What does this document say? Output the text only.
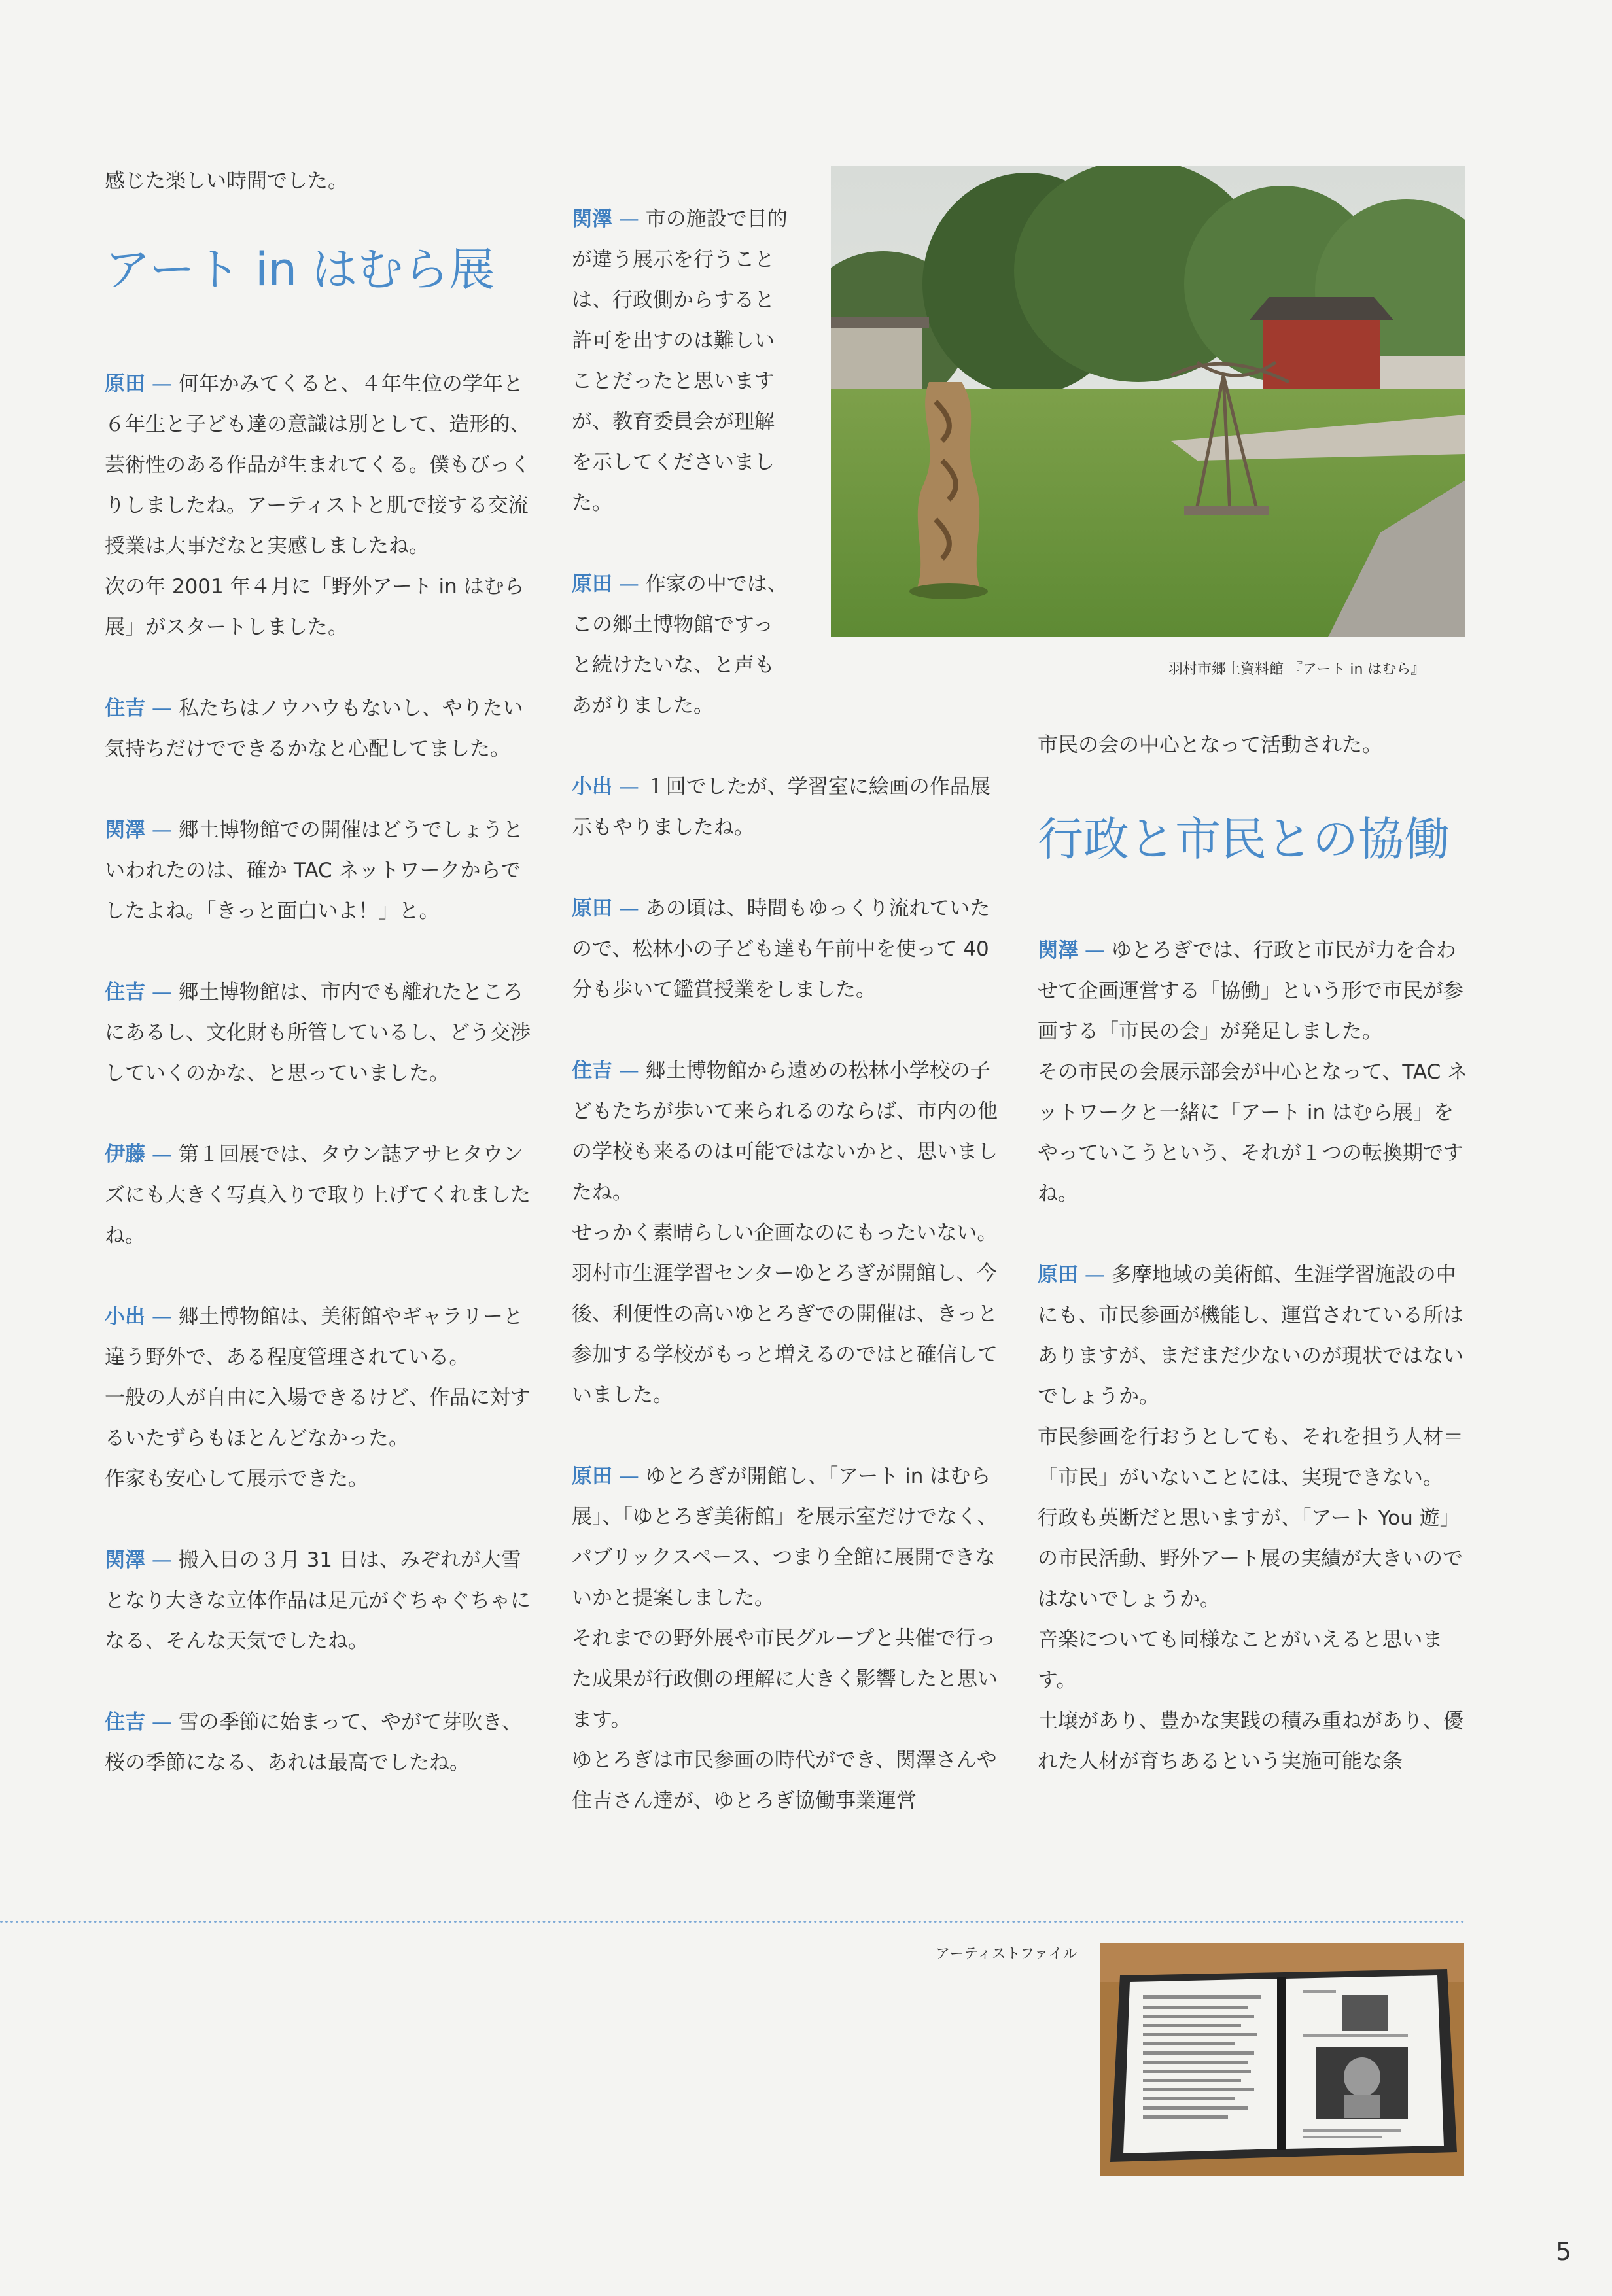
感じた楽しい時間でした。

アート in はむら展

原田 — 何年かみてくると、４年生位の学年と６年生と子ども達の意識は別として、造形的、芸術性のある作品が生まれてくる。僕もびっくりしましたね。アーティストと肌で接する交流授業は大事だなと実感しましたね。

次の年 2001 年４月に「野外アート in はむら展」がスタートしました。

住吉 — 私たちはノウハウもないし、やりたい気持ちだけでできるかなと心配してました。

関澤 — 郷土博物館での開催はどうでしょうといわれたのは、確か TAC ネットワークからでしたよね。「きっと面白いよ！」と。

住吉 — 郷土博物館は、市内でも離れたところにあるし、文化財も所管しているし、どう交渉していくのかな、と思っていました。

伊藤 — 第１回展では、タウン誌アサヒタウンズにも大きく写真入りで取り上げてくれましたね。

小出 — 郷土博物館は、美術館やギャラリーと違う野外で、ある程度管理されている。

一般の人が自由に入場できるけど、作品に対するいたずらもほとんどなかった。

作家も安心して展示できた。

関澤 — 搬入日の３月 31 日は、みぞれが大雪となり大きな立体作品は足元がぐちゃぐちゃになる、そんな天気でしたね。

住吉 — 雪の季節に始まって、やがて芽吹き、桜の季節になる、あれは最高でしたね。

関澤 — 市の施設で目的が違う展示を行うことは、行政側からすると許可を出すのは難しいことだったと思いますが、教育委員会が理解を示してくださいました。

原田 — 作家の中では、この郷土博物館ですっと続けたいな、と声もあがりました。

小出 — １回でしたが、学習室に絵画の作品展示もやりましたね。

原田 — あの頃は、時間もゆっくり流れていたので、松林小の子ども達も午前中を使って 40 分も歩いて鑑賞授業をしました。

住吉 — 郷土博物館から遠めの松林小学校の子どもたちが歩いて来られるのならば、市内の他の学校も来るのは可能ではないかと、思いましたね。

せっかく素晴らしい企画なのにもったいない。

羽村市生涯学習センターゆとろぎが開館し、今後、利便性の高いゆとろぎでの開催は、きっと参加する学校がもっと増えるのではと確信していました。

原田 — ゆとろぎが開館し、「アート in はむら展」、「ゆとろぎ美術館」を展示室だけでなく、パブリックスペース、つまり全館に展開できないかと提案しました。

それまでの野外展や市民グループと共催で行った成果が行政側の理解に大きく影響したと思います。

ゆとろぎは市民参画の時代ができ、関澤さんや住吉さん達が、ゆとろぎ協働事業運営

羽村市郷土資料館 『アート in はむら』

市民の会の中心となって活動された。

行政と市民との協働

関澤 — ゆとろぎでは、行政と市民が力を合わせて企画運営する「協働」という形で市民が参画する「市民の会」が発足しました。

その市民の会展示部会が中心となって、TAC ネットワークと一緒に「アート in はむら展」をやっていこうという、それが１つの転換期ですね。

原田 — 多摩地域の美術館、生涯学習施設の中にも、市民参画が機能し、運営されている所はありますが、まだまだ少ないのが現状ではないでしょうか。

市民参画を行おうとしても、それを担う人材＝「市民」がいないことには、実現できない。

行政も英断だと思いますが、「アート You 遊」の市民活動、野外アート展の実績が大きいのではないでしょうか。

音楽についても同様なことがいえると思います。

土壌があり、豊かな実践の積み重ねがあり、優れた人材が育ちあるという実施可能な条

アーティストファイル
5
